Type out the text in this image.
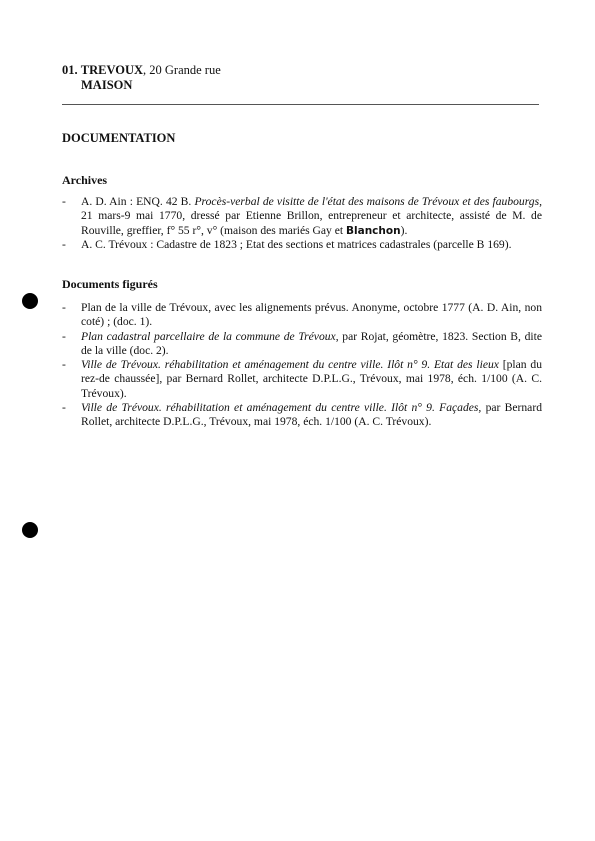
01. TREVOUX, 20 Grande rue
MAISON
DOCUMENTATION
Archives
- A. D. Ain : ENQ. 42 B. Procès-verbal de visitte de l'état des maisons de Trévoux et des faubourgs, 21 mars-9 mai 1770, dressé par Etienne Brillon, entrepreneur et architecte, assisté de M. de Rouville, greffier, f° 55 r°, v° (maison des mariés Gay et Blanchon).
- A. C. Trévoux : Cadastre de 1823 ; Etat des sections et matrices cadastrales (parcelle B 169).
Documents figurés
- Plan de la ville de Trévoux, avec les alignements prévus. Anonyme, octobre 1777 (A. D. Ain, non coté) ; (doc. 1).
- Plan cadastral parcellaire de la commune de Trévoux, par Rojat, géomètre, 1823. Section B, dite de la ville (doc. 2).
- Ville de Trévoux. réhabilitation et aménagement du centre ville. Ilôt n° 9. Etat des lieux [plan du rez-de chaussée], par Bernard Rollet, architecte D.P.L.G., Trévoux, mai 1978, éch. 1/100 (A. C. Trévoux).
- Ville de Trévoux. réhabilitation et aménagement du centre ville. Ilôt n° 9. Façades, par Bernard Rollet, architecte D.P.L.G., Trévoux, mai 1978, éch. 1/100 (A. C. Trévoux).
